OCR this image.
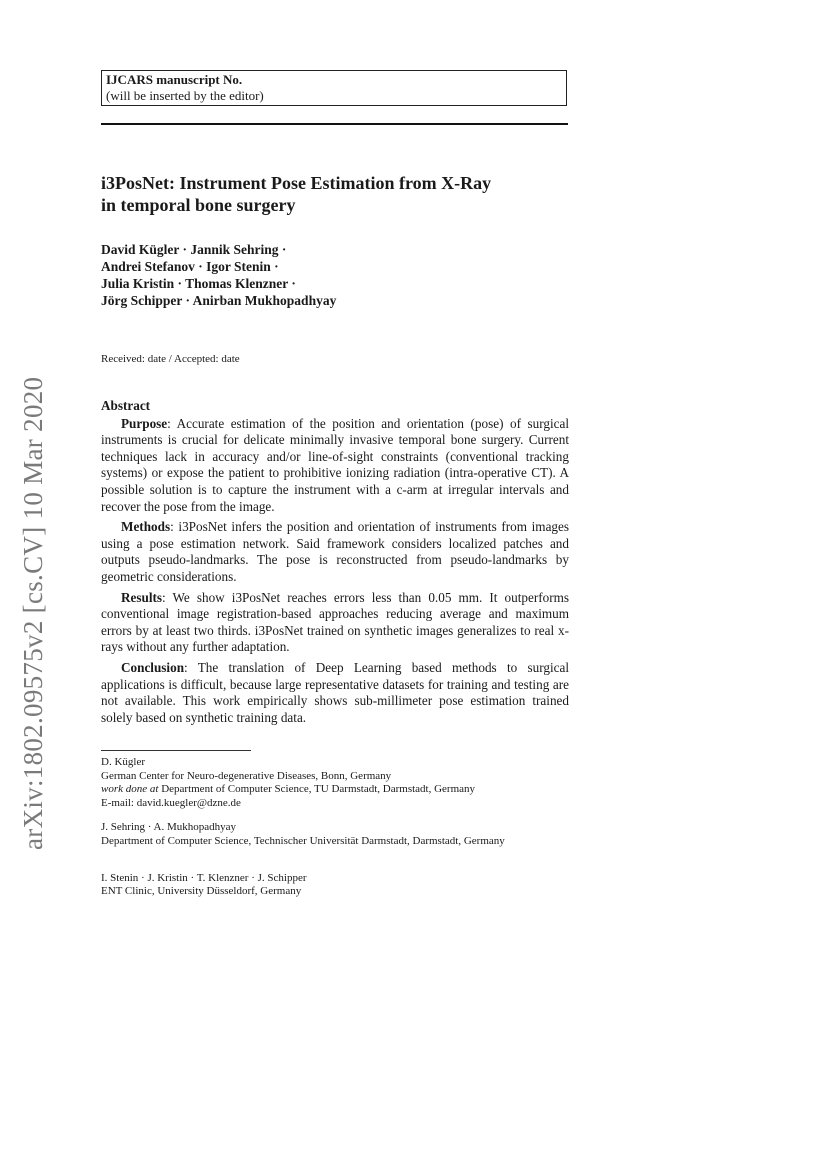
arXiv:1802.09575v2 [cs.CV] 10 Mar 2020
IJCARS manuscript No.
(will be inserted by the editor)
i3PosNet: Instrument Pose Estimation from X-Ray
in temporal bone surgery
David Kügler · Jannik Sehring ·
Andrei Stefanov · Igor Stenin ·
Julia Kristin · Thomas Klenzner ·
Jörg Schipper · Anirban Mukhopadhyay
Received: date / Accepted: date
Abstract

Purpose: Accurate estimation of the position and orientation (pose) of surgical instruments is crucial for delicate minimally invasive temporal bone surgery. Current techniques lack in accuracy and/or line-of-sight constraints (conventional tracking systems) or expose the patient to prohibitive ionizing radiation (intra-operative CT). A possible solution is to capture the instrument with a c-arm at irregular intervals and recover the pose from the image.

Methods: i3PosNet infers the position and orientation of instruments from images using a pose estimation network. Said framework considers localized patches and outputs pseudo-landmarks. The pose is reconstructed from pseudo-landmarks by geometric considerations.

Results: We show i3PosNet reaches errors less than 0.05 mm. It outperforms conventional image registration-based approaches reducing average and maximum errors by at least two thirds. i3PosNet trained on synthetic images generalizes to real x-rays without any further adaptation.

Conclusion: The translation of Deep Learning based methods to surgical applications is difficult, because large representative datasets for training and testing are not available. This work empirically shows sub-millimeter pose estimation trained solely based on synthetic training data.

D. Kügler
German Center for Neuro-degenerative Diseases, Bonn, Germany
work done at Department of Computer Science, TU Darmstadt, Darmstadt, Germany
E-mail: david.kuegler@dzne.de
J. Sehring · A. Mukhopadhyay
Department of Computer Science, Technischer Universität Darmstadt, Darmstadt, Germany
I. Stenin · J. Kristin · T. Klenzner · J. Schipper
ENT Clinic, University Düsseldorf, Germany
